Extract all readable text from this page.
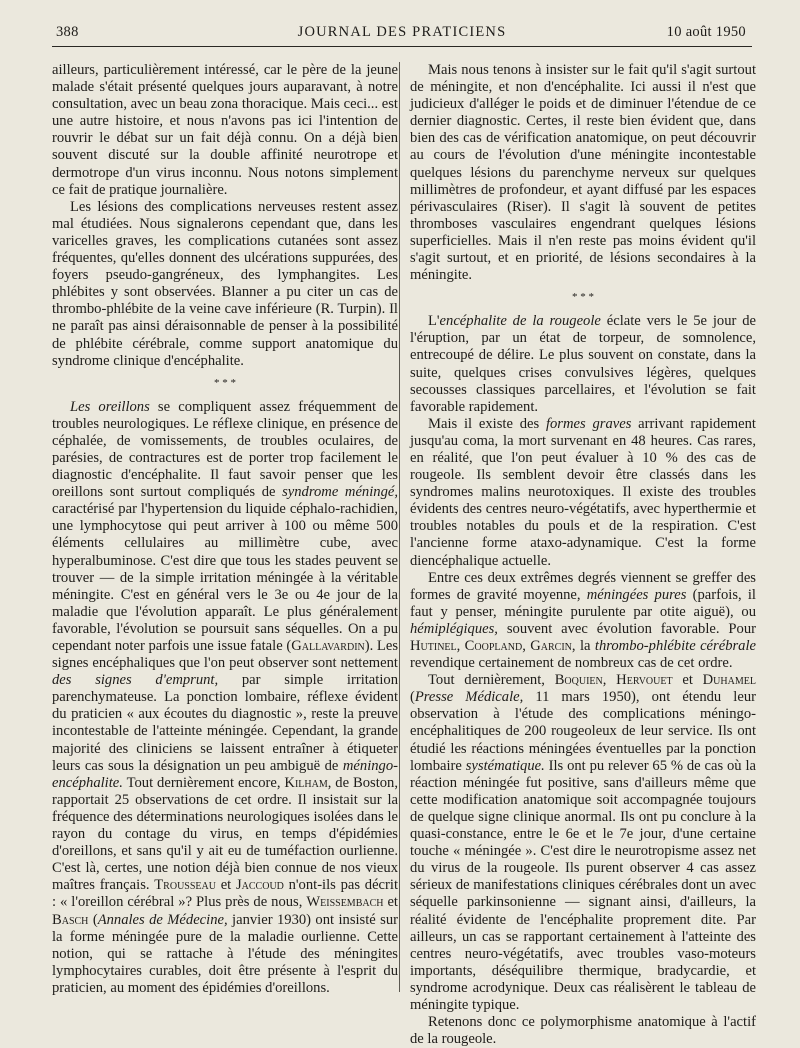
388	JOURNAL DES PRATICIENS	10 août 1950

ailleurs, particulièrement intéressé, car le père de la jeune malade s'était présenté quelques jours auparavant, à notre consultation, avec un beau zona thoracique. Mais ceci... est une autre histoire, et nous n'avons pas ici l'intention de rouvrir le débat sur un fait déjà connu. On a déjà bien souvent discuté sur la double affinité neurotrope et dermotrope d'un virus inconnu. Nous notons simplement ce fait de pratique journalière.

Les lésions des complications nerveuses restent assez mal étudiées. Nous signalerons cependant que, dans les varicelles graves, les complications cutanées sont assez fréquentes, qu'elles donnent des ulcérations suppurées, des foyers pseudo-gangréneux, des lymphangites. Les phlébites y sont observées. Blanner a pu citer un cas de thrombo-phlébite de la veine cave inférieure (R. Turpin). Il ne paraît pas ainsi déraisonnable de penser à la possibilité de phlébite cérébrale, comme support anatomique du syndrome clinique d'encéphalite.

* * *

Les oreillons se compliquent assez fréquemment de troubles neurologiques. Le réflexe clinique, en présence de céphalée, de vomissements, de troubles oculaires, de parésies, de contractures est de porter trop facilement le diagnostic d'encéphalite. Il faut savoir penser que les oreillons sont surtout compliqués de syndrome méningé, caractérisé par l'hypertension du liquide céphalo-rachidien, une lymphocytose qui peut arriver à 100 ou même 500 éléments cellulaires au millimètre cube, avec hyperalbuminose. C'est dire que tous les stades peuvent se trouver — de la simple irritation méningée à la véritable méningite. C'est en général vers le 3e ou 4e jour de la maladie que l'évolution apparaît. Le plus généralement favorable, l'évolution se poursuit sans séquelles. On a pu cependant noter parfois une issue fatale (Gallavardin). Les signes encéphaliques que l'on peut observer sont nettement des signes d'emprunt, par simple irritation parenchymateuse. La ponction lombaire, réflexe évident du praticien « aux écoutes du diagnostic », reste la preuve incontestable de l'atteinte méningée. Cependant, la grande majorité des cliniciens se laissent entraîner à étiqueter leurs cas sous la désignation un peu ambiguë de méningo-encéphalite. Tout dernièrement encore, Kilham, de Boston, rapportait 25 observations de cet ordre. Il insistait sur la fréquence des déterminations neurologiques isolées dans le rayon du contage du virus, en temps d'épidémies d'oreillons, et sans qu'il y ait eu de tuméfaction ourlienne. C'est là, certes, une notion déjà bien connue de nos vieux maîtres français. Trousseau et Jaccoud n'ont-ils pas décrit : « l'oreillon cérébral »? Plus près de nous, Weissembach et Basch (Annales de Médecine, janvier 1930) ont insisté sur la forme méningée pure de la maladie ourlienne. Cette notion, qui se rattache à l'étude des méningites lymphocytaires curables, doit être présente à l'esprit du praticien, au moment des épidémies d'oreillons.

Mais nous tenons à insister sur le fait qu'il s'agit surtout de méningite, et non d'encéphalite. Ici aussi il n'est que judicieux d'alléger le poids et de diminuer l'étendue de ce dernier diagnostic. Certes, il reste bien évident que, dans bien des cas de vérification anatomique, on peut découvrir au cours de l'évolution d'une méningite incontestable quelques lésions du parenchyme nerveux sur quelques millimètres de profondeur, et ayant diffusé par les espaces périvasculaires (Riser). Il s'agit là souvent de petites thromboses vasculaires engendrant quelques lésions superficielles. Mais il n'en reste pas moins évident qu'il s'agit surtout, et en priorité, de lésions secondaires à la méningite.

* * *

L'encéphalite de la rougeole éclate vers le 5e jour de l'éruption, par un état de torpeur, de somnolence, entrecoupé de délire. Le plus souvent on constate, dans la suite, quelques crises convulsives légères, quelques secousses classiques parcellaires, et l'évolution se fait favorable rapidement.

Mais il existe des formes graves arrivant rapidement jusqu'au coma, la mort survenant en 48 heures. Cas rares, en réalité, que l'on peut évaluer à 10 % des cas de rougeole. Ils semblent devoir être classés dans les syndromes malins neurotoxiques. Il existe des troubles évidents des centres neuro-végétatifs, avec hyperthermie et troubles notables du pouls et de la respiration. C'est l'ancienne forme ataxo-adynamique. C'est la forme diencéphalique actuelle.

Entre ces deux extrêmes degrés viennent se greffer des formes de gravité moyenne, méningées pures (parfois, il faut y penser, méningite purulente par otite aiguë), ou hémiplégiques, souvent avec évolution favorable. Pour Hutinel, Coopland, Garcin, la thrombo-phlébite cérébrale revendique certainement de nombreux cas de cet ordre.

Tout dernièrement, Boquien, Hervouet et Duhamel (Presse Médicale, 11 mars 1950), ont étendu leur observation à l'étude des complications méningo-encéphalitiques de 200 rougeoleux de leur service. Ils ont étudié les réactions méningées éventuelles par la ponction lombaire systématique. Ils ont pu relever 65 % de cas où la réaction méningée fut positive, sans d'ailleurs même que cette modification anatomique soit accompagnée toujours de quelque signe clinique anormal. Ils ont pu conclure à la quasi-constance, entre le 6e et le 7e jour, d'une certaine touche « méningée ». C'est dire le neurotropisme assez net du virus de la rougeole. Ils purent observer 4 cas assez sérieux de manifestations cliniques cérébrales dont un avec séquelle parkinsonienne — signant ainsi, d'ailleurs, la réalité évidente de l'encéphalite proprement dite. Par ailleurs, un cas se rapportant certainement à l'atteinte des centres neuro-végétatifs, avec troubles vaso-moteurs importants, déséquilibre thermique, bradycardie, et syndrome acrodynique. Deux cas réalisèrent le tableau de méningite typique.

Retenons donc ce polymorphisme anatomique à l'actif de la rougeole.
